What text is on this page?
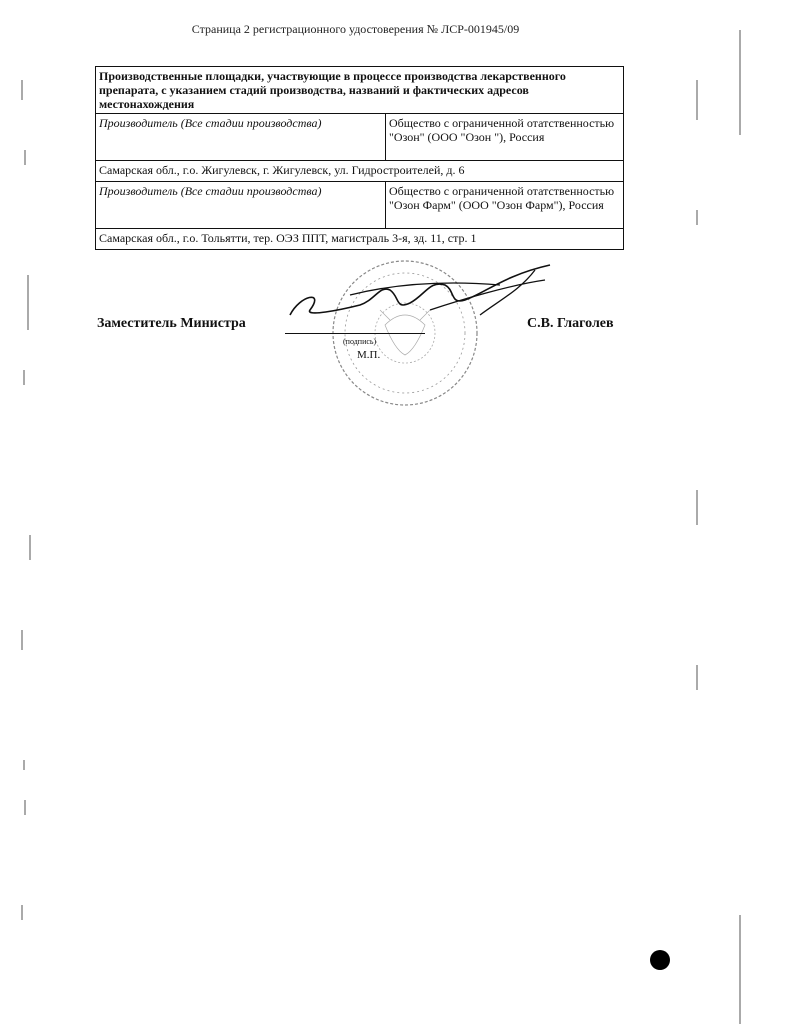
Страница 2 регистрационного удостоверения № ЛСР-001945/09
Производственные площадки, участвующие в процессе производства лекарственного препарата, с указанием стадий производства, названий и фактических адресов местонахождения	
Производитель (Все стадии производства)	Общество с ограниченной отатственностью "Озон" (ООО "Озон "), Россия
Самарская обл., г.о. Жигулевск, г. Жигулевск, ул. Гидростроителей, д. 6	
Производитель (Все стадии производства)	Общество с ограниченной отатственностью "Озон Фарм" (ООО "Озон Фарм"), Россия
Самарская обл., г.о. Тольятти, тер. ОЭЗ ППТ, магистраль 3-я, зд. 11, стр. 1	
Заместитель Министра
(подпись)
М.П.
С.В. Глаголев
